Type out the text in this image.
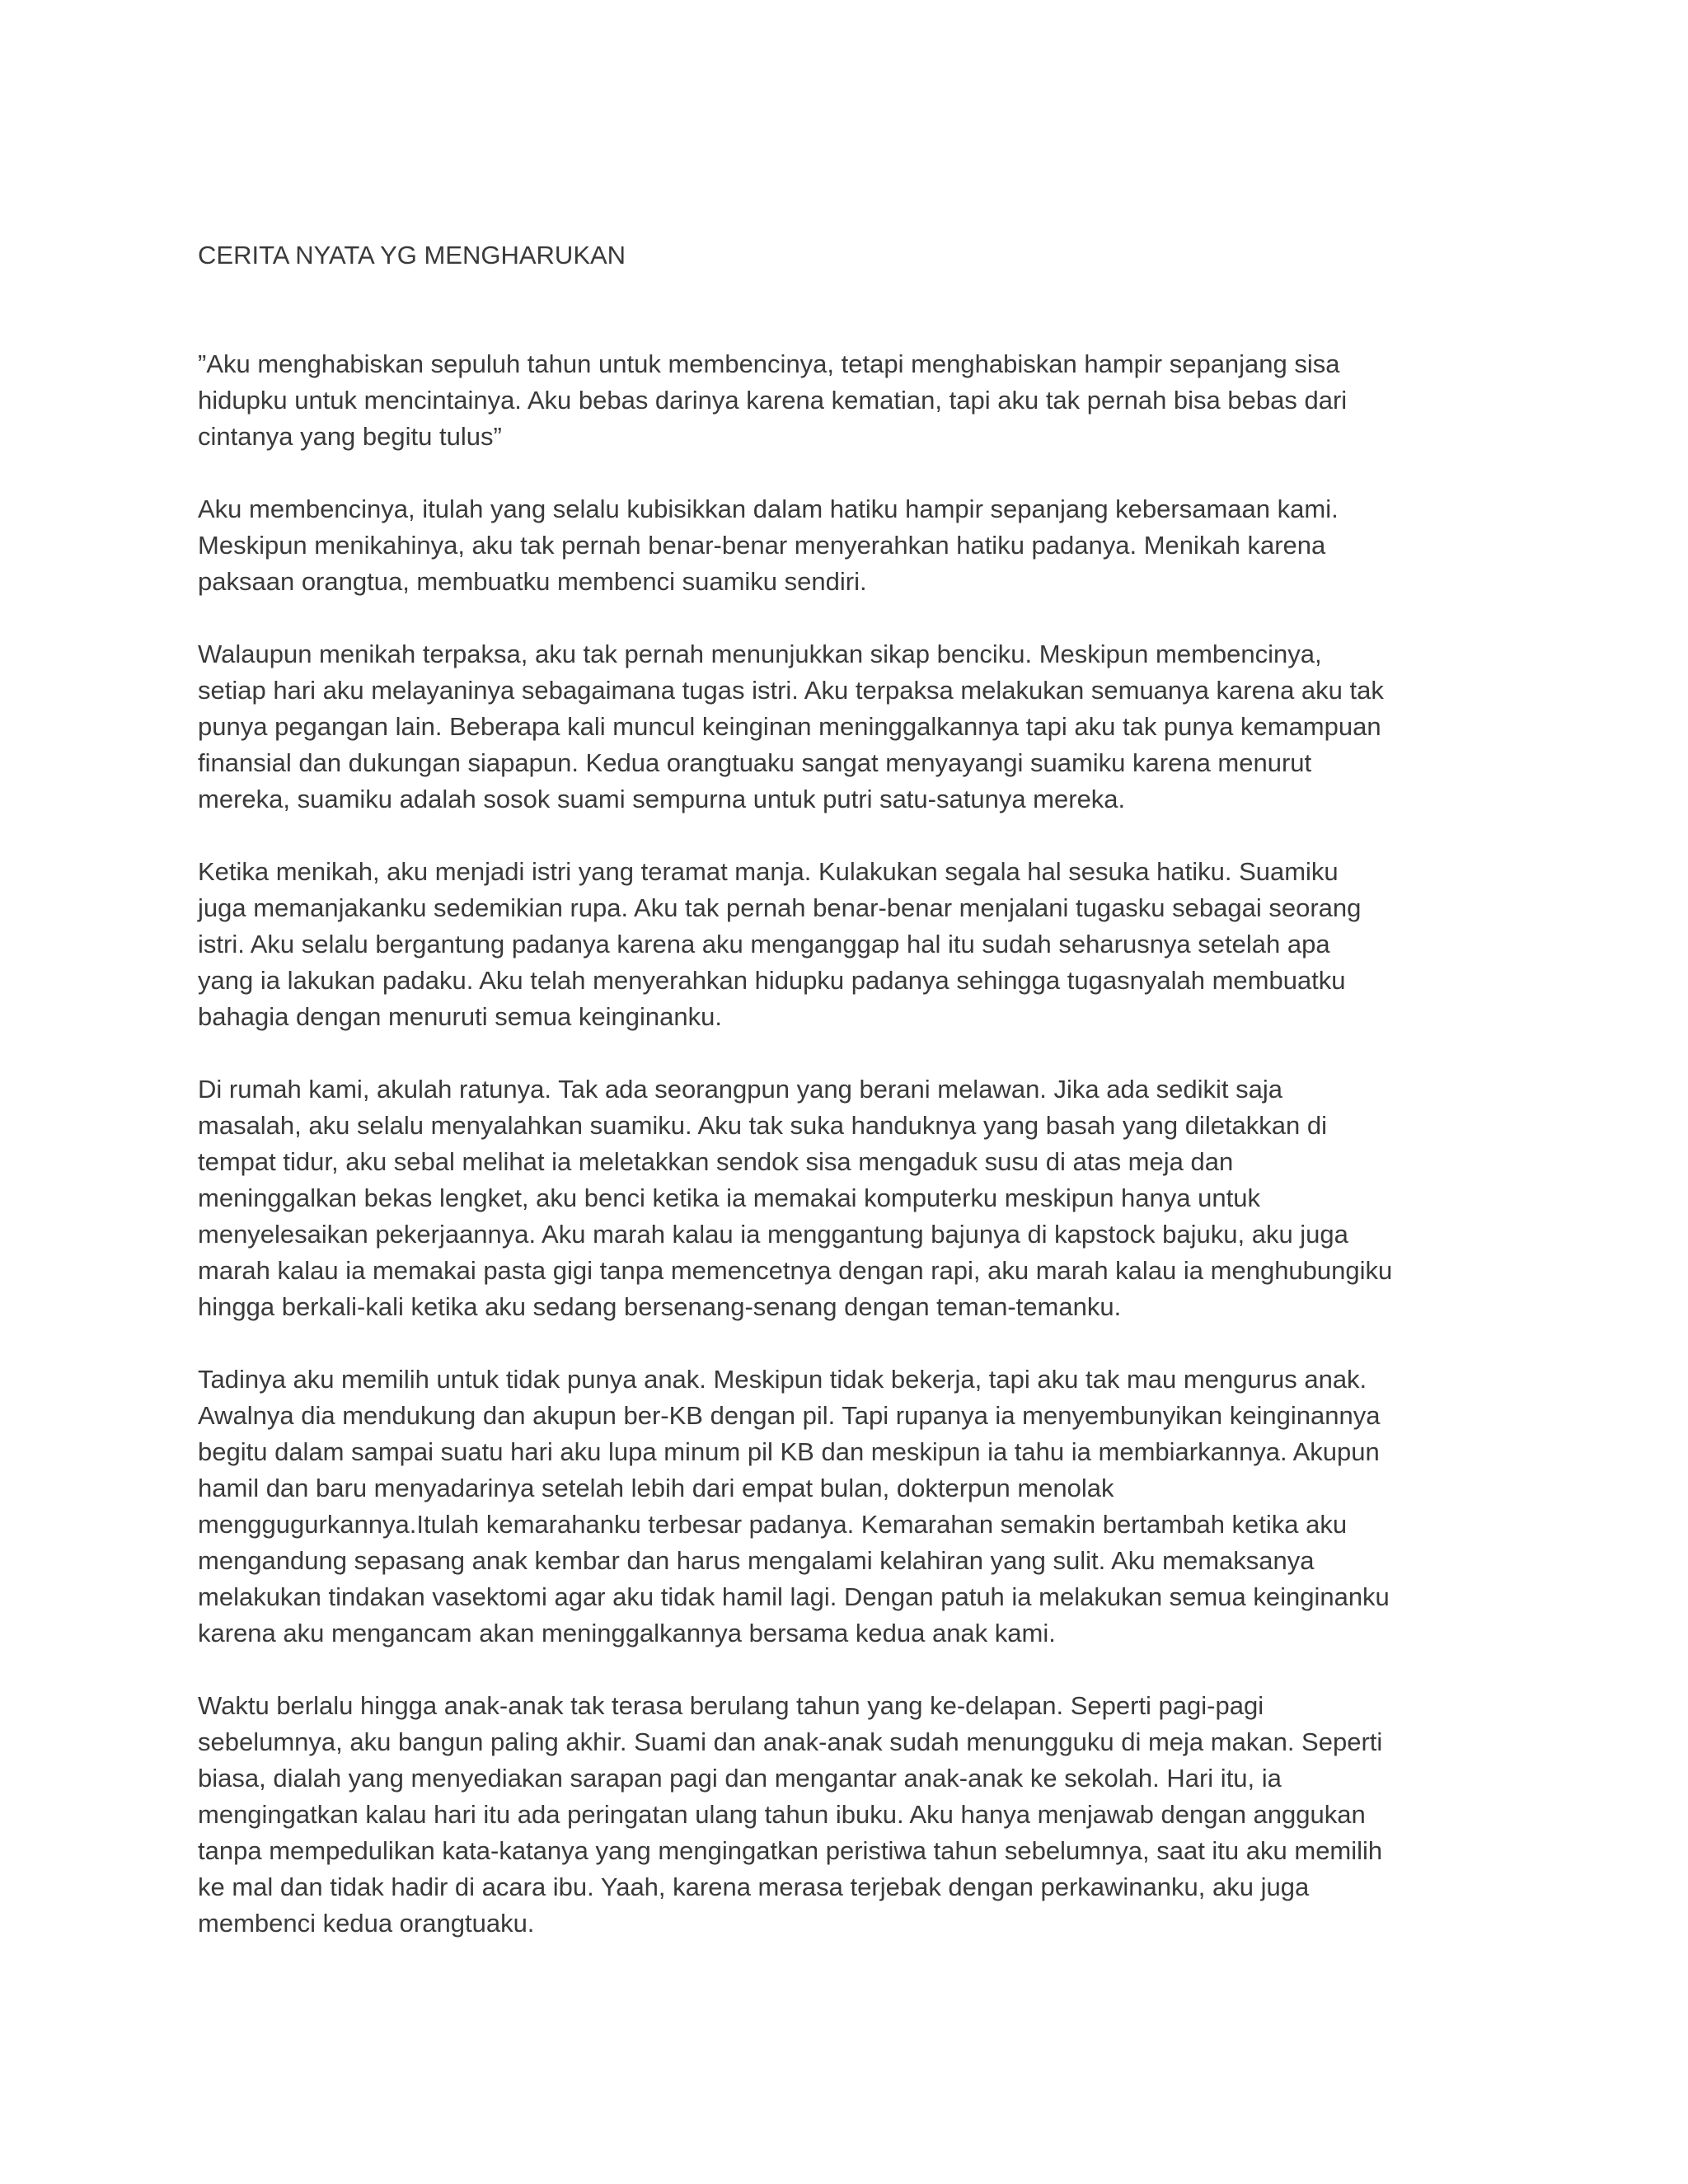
CERITA NYATA YG MENGHARUKAN

”Aku menghabiskan sepuluh tahun untuk membencinya, tetapi menghabiskan hampir sepanjang sisa
hidupku untuk mencintainya. Aku bebas darinya karena kematian, tapi aku tak pernah bisa bebas dari
cintanya yang begitu tulus”

Aku membencinya, itulah yang selalu kubisikkan dalam hatiku hampir sepanjang kebersamaan kami.
Meskipun menikahinya, aku tak pernah benar-benar menyerahkan hatiku padanya. Menikah karena
paksaan orangtua, membuatku membenci suamiku sendiri.

Walaupun menikah terpaksa, aku tak pernah menunjukkan sikap benciku. Meskipun membencinya,
setiap hari aku melayaninya sebagaimana tugas istri. Aku terpaksa melakukan semuanya karena aku tak
punya pegangan lain. Beberapa kali muncul keinginan meninggalkannya tapi aku tak punya kemampuan
finansial dan dukungan siapapun. Kedua orangtuaku sangat menyayangi suamiku karena menurut
mereka, suamiku adalah sosok suami sempurna untuk putri satu-satunya mereka.

Ketika menikah, aku menjadi istri yang teramat manja. Kulakukan segala hal sesuka hatiku. Suamiku
juga memanjakanku sedemikian rupa. Aku tak pernah benar-benar menjalani tugasku sebagai seorang
istri. Aku selalu bergantung padanya karena aku menganggap hal itu sudah seharusnya setelah apa
yang ia lakukan padaku. Aku telah menyerahkan hidupku padanya sehingga tugasnyalah membuatku
bahagia dengan menuruti semua keinginanku.

Di rumah kami, akulah ratunya. Tak ada seorangpun yang berani melawan. Jika ada sedikit saja
masalah, aku selalu menyalahkan suamiku. Aku tak suka handuknya yang basah yang diletakkan di
tempat tidur, aku sebal melihat ia meletakkan sendok sisa mengaduk susu di atas meja dan
meninggalkan bekas lengket, aku benci ketika ia memakai komputerku meskipun hanya untuk
menyelesaikan pekerjaannya. Aku marah kalau ia menggantung bajunya di kapstock bajuku, aku juga
marah kalau ia memakai pasta gigi tanpa memencetnya dengan rapi, aku marah kalau ia menghubungiku
hingga berkali-kali ketika aku sedang bersenang-senang dengan teman-temanku.

Tadinya aku memilih untuk tidak punya anak. Meskipun tidak bekerja, tapi aku tak mau mengurus anak.
Awalnya dia mendukung dan akupun ber-KB dengan pil. Tapi rupanya ia menyembunyikan keinginannya
begitu dalam sampai suatu hari aku lupa minum pil KB dan meskipun ia tahu ia membiarkannya. Akupun
hamil dan baru menyadarinya setelah lebih dari empat bulan, dokterpun menolak
menggugurkannya.Itulah kemarahanku terbesar padanya. Kemarahan semakin bertambah ketika aku
mengandung sepasang anak kembar dan harus mengalami kelahiran yang sulit. Aku memaksanya
melakukan tindakan vasektomi agar aku tidak hamil lagi. Dengan patuh ia melakukan semua keinginanku
karena aku mengancam akan meninggalkannya bersama kedua anak kami.

Waktu berlalu hingga anak-anak tak terasa berulang tahun yang ke-delapan. Seperti pagi-pagi
sebelumnya, aku bangun paling akhir. Suami dan anak-anak sudah menungguku di meja makan. Seperti
biasa, dialah yang menyediakan sarapan pagi dan mengantar anak-anak ke sekolah. Hari itu, ia
mengingatkan kalau hari itu ada peringatan ulang tahun ibuku. Aku hanya menjawab dengan anggukan
tanpa mempedulikan kata-katanya yang mengingatkan peristiwa tahun sebelumnya, saat itu aku memilih
ke mal dan tidak hadir di acara ibu. Yaah, karena merasa terjebak dengan perkawinanku, aku juga
membenci kedua orangtuaku.
